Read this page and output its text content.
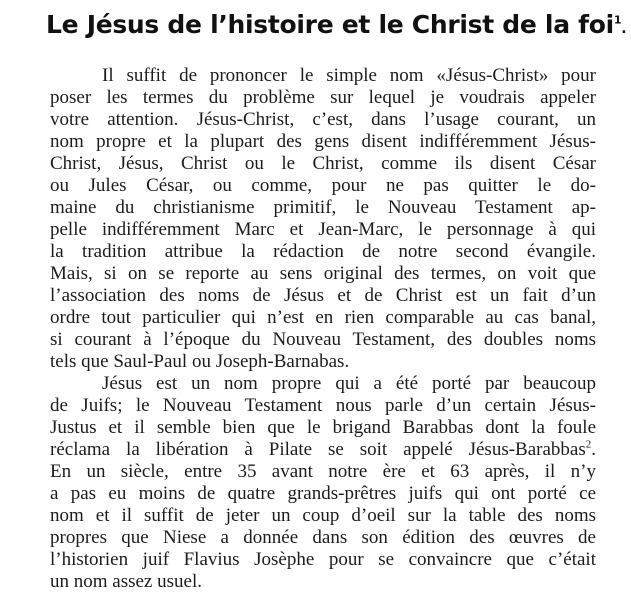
Le Jésus de l’histoire et le Christ de la foi$^1$.
Il suffit de prononcer le simple nom «Jésus-Christ» pour
poser les termes du problème sur lequel je voudrais appeler
votre attention. Jésus-Christ, c’est, dans l’usage courant, un
nom propre et la plupart des gens disent indifféremment Jésus-
Christ, Jésus, Christ ou le Christ, comme ils disent César
ou Jules César, ou comme, pour ne pas quitter le do-
maine du christianisme primitif, le Nouveau Testament ap-
pelle indifféremment Marc et Jean-Marc, le personnage à qui
la tradition attribue la rédaction de notre second évangile.
Mais, si on se reporte au sens original des termes, on voit que
l’association des noms de Jésus et de Christ est un fait d’un
ordre tout particulier qui n’est en rien comparable au cas banal,
si courant à l’époque du Nouveau Testament, des doubles noms
tels que Saul-Paul ou Joseph-Barnabas.
Jésus est un nom propre qui a été porté par beaucoup
de Juifs; le Nouveau Testament nous parle d’un certain Jésus-
Justus et il semble bien que le brigand Barabbas dont la foule
réclama la libération à Pilate se soit appelé Jésus-Barabbas$^2$.
En un siècle, entre 35 avant notre ère et 63 après, il n’y
a pas eu moins de quatre grands-prêtres juifs qui ont porté ce
nom et il suffit de jeter un coup d’oeil sur la table des noms
propres que Niese a donnée dans son édition des œuvres de
l’historien juif Flavius Josèphe pour se convaincre que c’était
un nom assez usuel.
